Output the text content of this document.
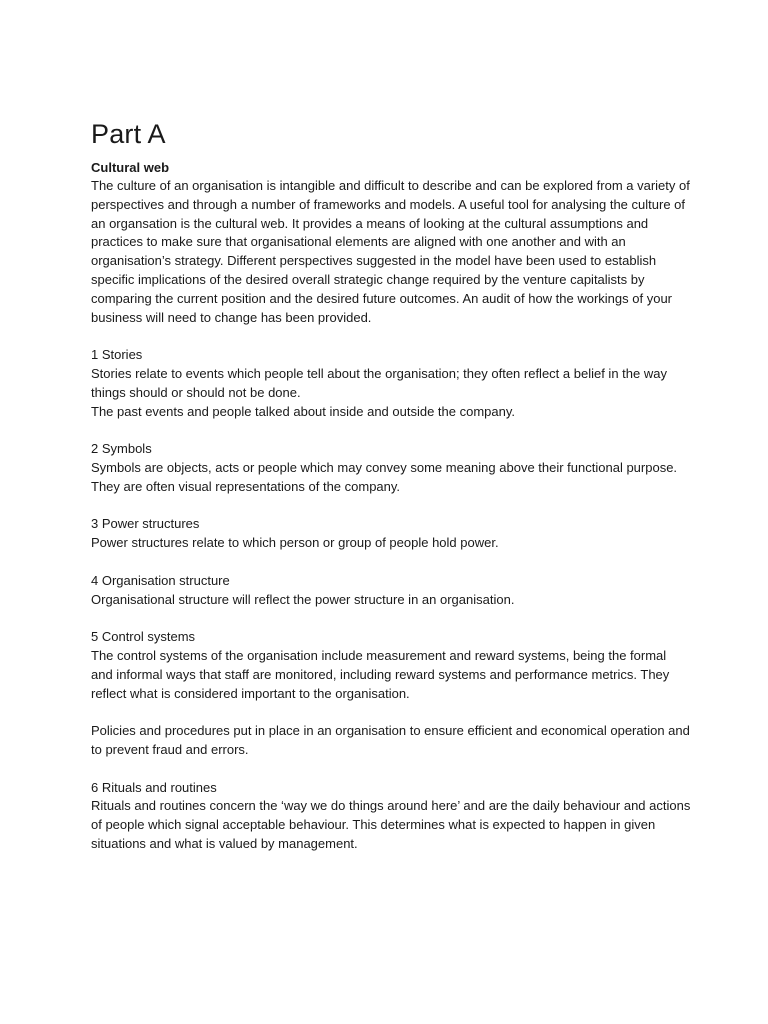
Part A
Cultural web

The culture of an organisation is intangible and difficult to describe and can be explored from a variety of perspectives and through a number of frameworks and models. A useful tool for analysing the culture of an organsation is the cultural web. It provides a means of looking at the cultural assumptions and practices to make sure that organisational elements are aligned with one another and with an organisation’s strategy. Different perspectives suggested in the model have been used to establish specific implications of the desired overall strategic change required by the venture capitalists by comparing the current position and the desired future outcomes. An audit of how the workings of your business will need to change has been provided.

1 Stories

Stories relate to events which people tell about the organisation; they often reflect a belief in the way things should or should not be done.

The past events and people talked about inside and outside the company.

2 Symbols

Symbols are objects, acts or people which may convey some meaning above their functional purpose. They are often visual representations of the company.

3 Power structures

Power structures relate to which person or group of people hold power.

4 Organisation structure

Organisational structure will reflect the power structure in an organisation.

5 Control systems

The control systems of the organisation include measurement and reward systems, being the formal and informal ways that staff are monitored, including reward systems and performance metrics. They reflect what is considered important to the organisation.

Policies and procedures put in place in an organisation to ensure efficient and economical operation and to prevent fraud and errors.

6 Rituals and routines

Rituals and routines concern the ‘way we do things around here’ and are the daily behaviour and actions of people which signal acceptable behaviour. This determines what is expected to happen in given situations and what is valued by management.
